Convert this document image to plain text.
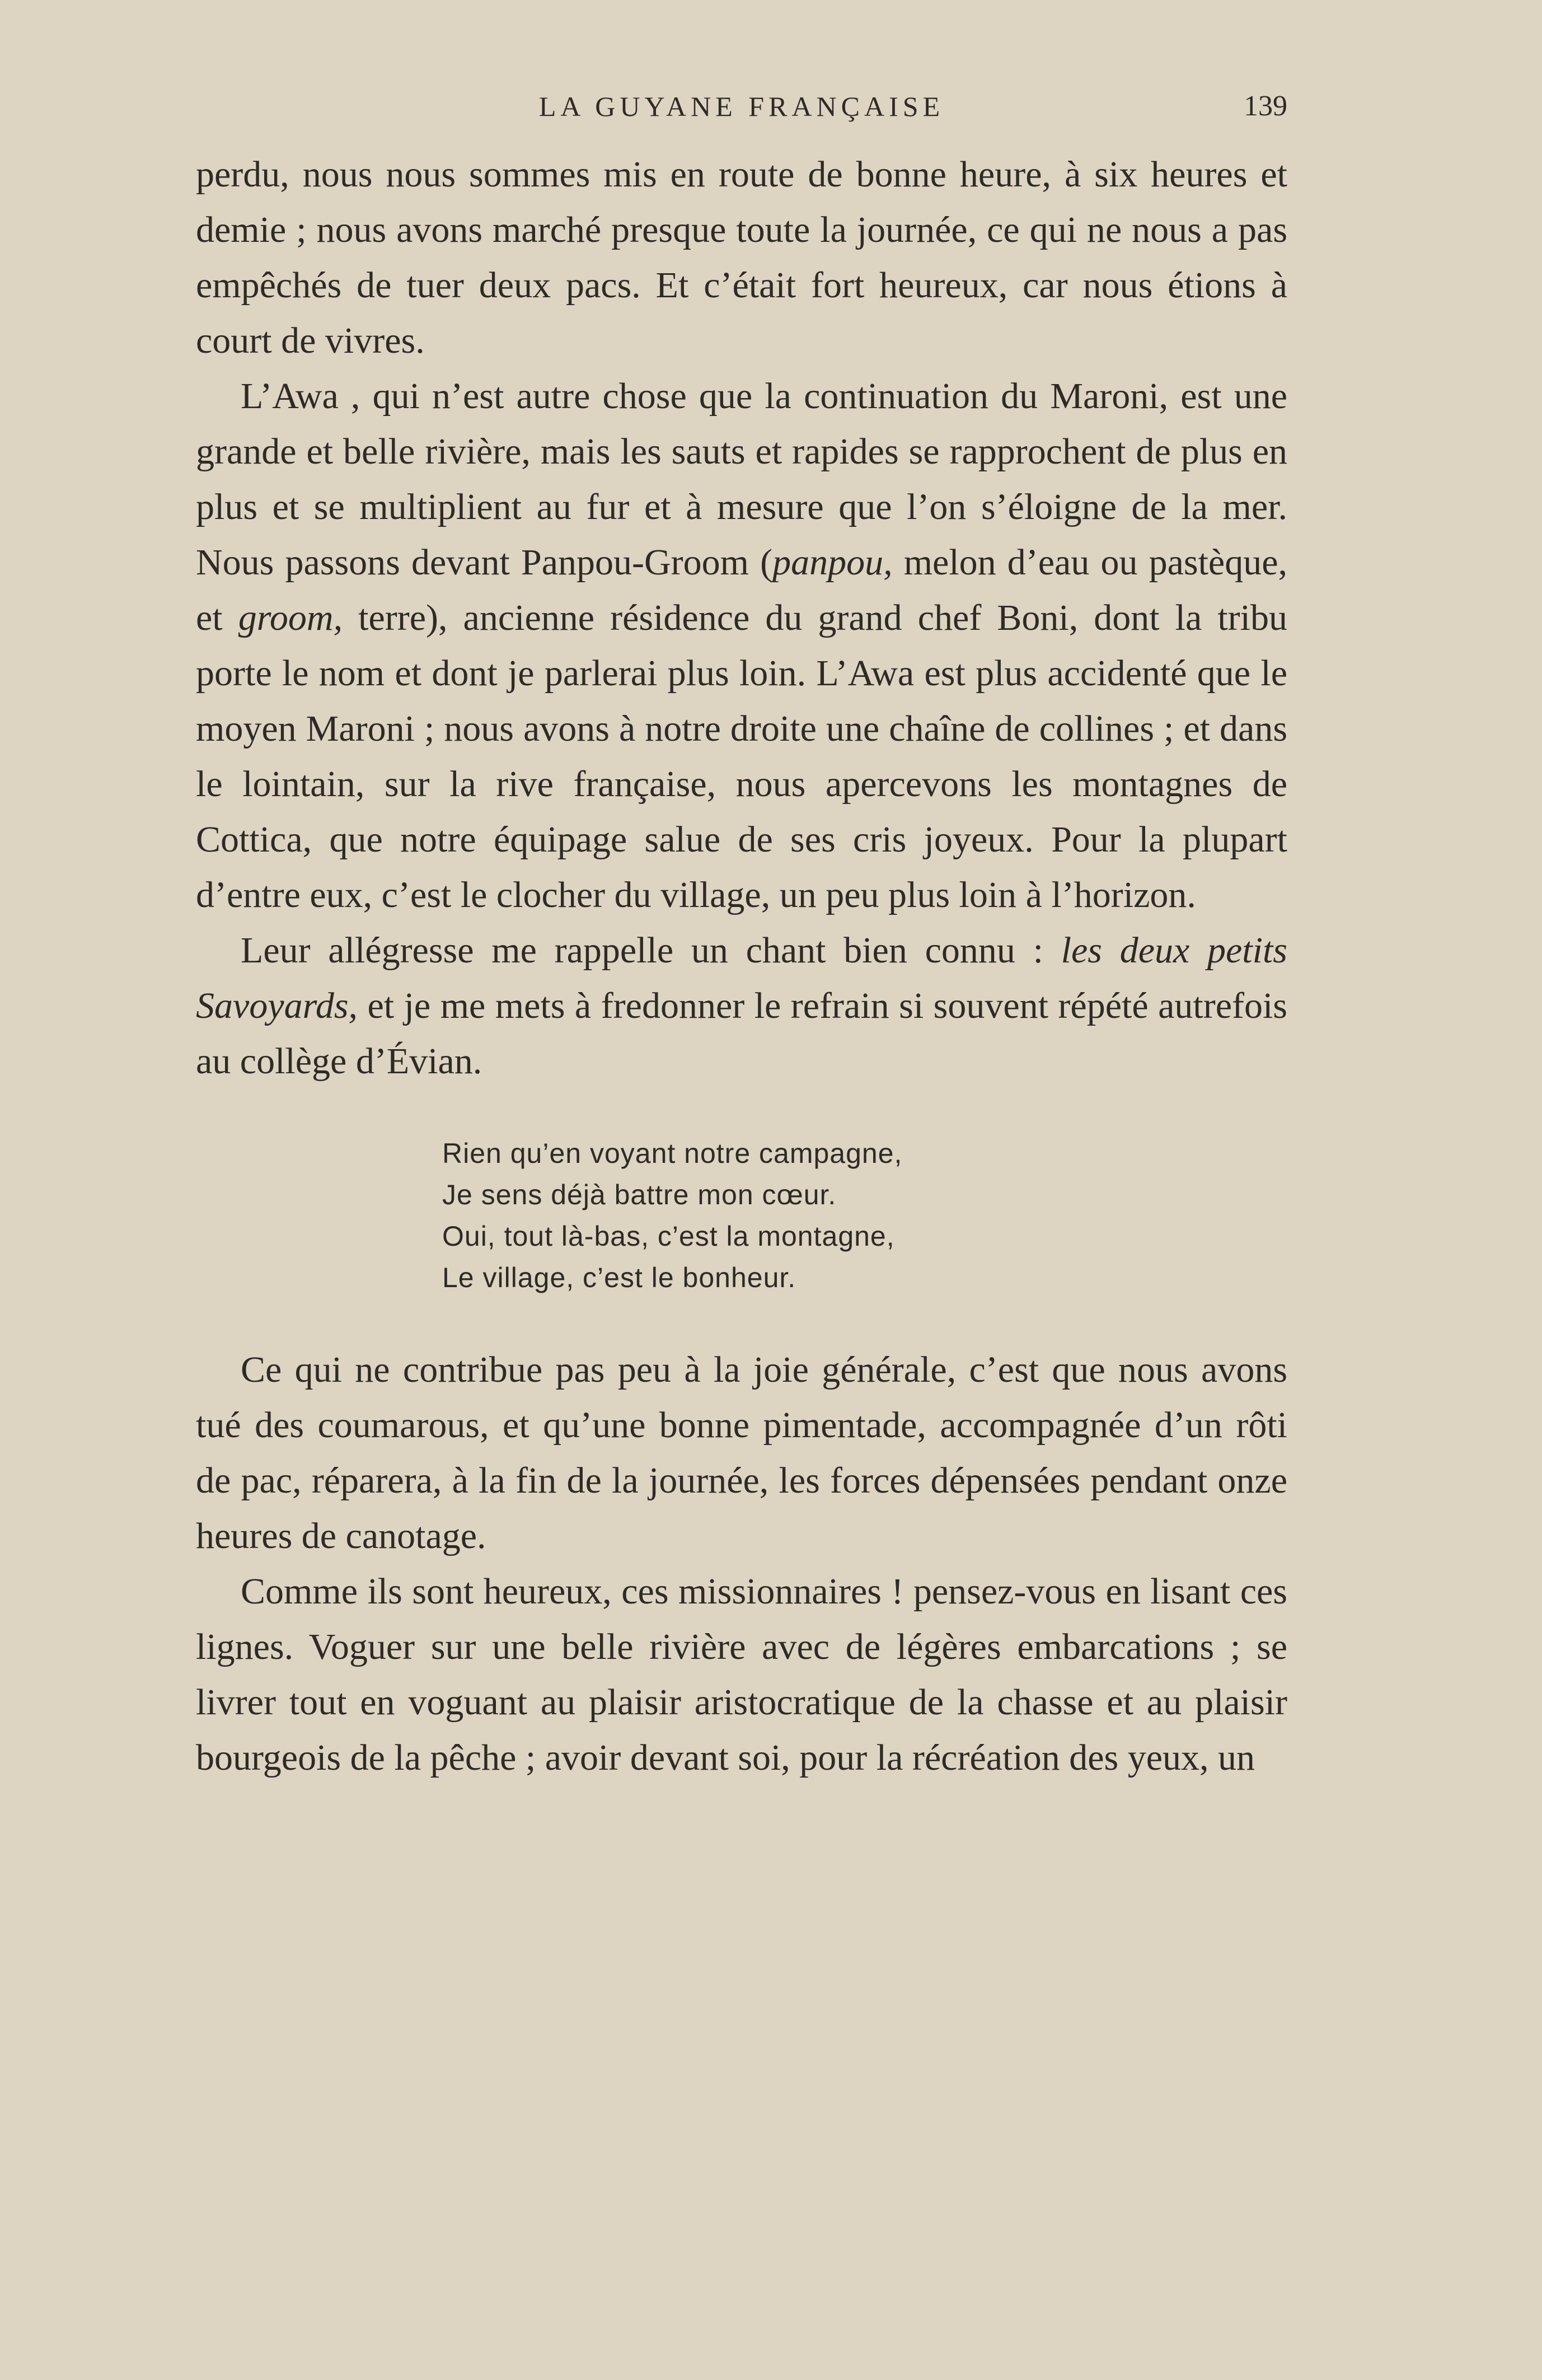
LA GUYANE FRANÇAISE	139

perdu, nous nous sommes mis en route de bonne heure, à six heures et demie ; nous avons marché presque toute la journée, ce qui ne nous a pas empêchés de tuer deux pacs. Et c’était fort heureux, car nous étions à court de vivres.

L’Awa , qui n’est autre chose que la continuation du Maroni, est une grande et belle rivière, mais les sauts et rapides se rapprochent de plus en plus et se multiplient au fur et à mesure que l’on s’éloigne de la mer. Nous passons devant Panpou-Groom (panpou, melon d’eau ou pastèque, et groom, terre), ancienne résidence du grand chef Boni, dont la tribu porte le nom et dont je parlerai plus loin. L’Awa est plus accidenté que le moyen Maroni ; nous avons à notre droite une chaîne de collines ; et dans le lointain, sur la rive française, nous apercevons les montagnes de Cottica, que notre équipage salue de ses cris joyeux. Pour la plupart d’entre eux, c’est le clocher du village, un peu plus loin à l’horizon.

Leur allégresse me rappelle un chant bien connu : les deux petits Savoyards, et je me mets à fredonner le refrain si souvent répété autrefois au collège d’Évian.

Rien qu’en voyant notre campagne,
Je sens déjà battre mon cœur.
Oui, tout là-bas, c’est la montagne,
Le village, c’est le bonheur.

Ce qui ne contribue pas peu à la joie générale, c’est que nous avons tué des coumarous, et qu’une bonne pimentade, accompagnée d’un rôti de pac, réparera, à la fin de la journée, les forces dépensées pendant onze heures de canotage.

Comme ils sont heureux, ces missionnaires ! pensez-vous en lisant ces lignes. Voguer sur une belle rivière avec de légères embarcations ; se livrer tout en voguant au plaisir aristocratique de la chasse et au plaisir bourgeois de la pêche ; avoir devant soi, pour la récréation des yeux, un
